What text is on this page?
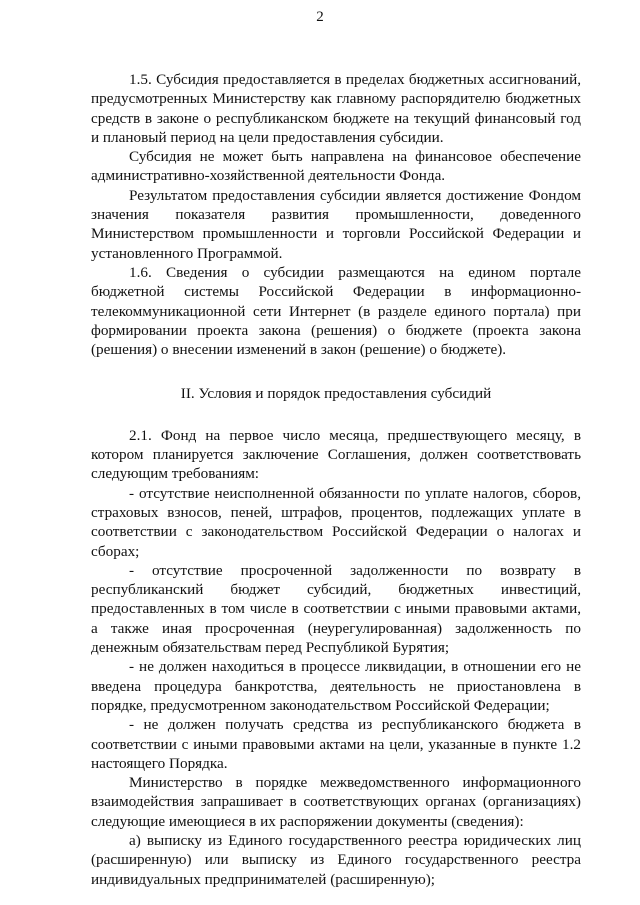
2

1.5. Субсидия предоставляется в пределах бюджетных ассигнований, предусмотренных Министерству как главному распорядителю бюджетных средств в законе о республиканском бюджете на текущий финансовый год и плановый период на цели предоставления субсидии.

Субсидия не может быть направлена на финансовое обеспечение административно-хозяйственной деятельности Фонда.

Результатом предоставления субсидии является достижение Фондом значения показателя развития промышленности, доведенного Министерством промышленности и торговли Российской Федерации и установленного Программой.

1.6. Сведения о субсидии размещаются на едином портале бюджетной системы Российской Федерации в информационно-телекоммуникационной сети Интернет (в разделе единого портала) при формировании проекта закона (решения) о бюджете (проекта закона (решения) о внесении изменений в закон (решение) о бюджете).

II. Условия и порядок предоставления субсидий

2.1. Фонд на первое число месяца, предшествующего месяцу, в котором планируется заключение Соглашения, должен соответствовать следующим требованиям:

- отсутствие неисполненной обязанности по уплате налогов, сборов, страховых взносов, пеней, штрафов, процентов, подлежащих уплате в соответствии с законодательством Российской Федерации о налогах и сборах;

- отсутствие просроченной задолженности по возврату в республиканский бюджет субсидий, бюджетных инвестиций, предоставленных в том числе в соответствии с иными правовыми актами, а также иная просроченная (неурегулированная) задолженность по денежным обязательствам перед Республикой Бурятия;

- не должен находиться в процессе ликвидации, в отношении его не введена процедура банкротства, деятельность не приостановлена в порядке, предусмотренном законодательством Российской Федерации;

- не должен получать средства из республиканского бюджета в соответствии с иными правовыми актами на цели, указанные в пункте 1.2 настоящего Порядка.

Министерство в порядке межведомственного информационного взаимодействия запрашивает в соответствующих органах (организациях) следующие имеющиеся в их распоряжении документы (сведения):

а) выписку из Единого государственного реестра юридических лиц (расширенную) или выписку из Единого государственного реестра индивидуальных предпринимателей (расширенную);
